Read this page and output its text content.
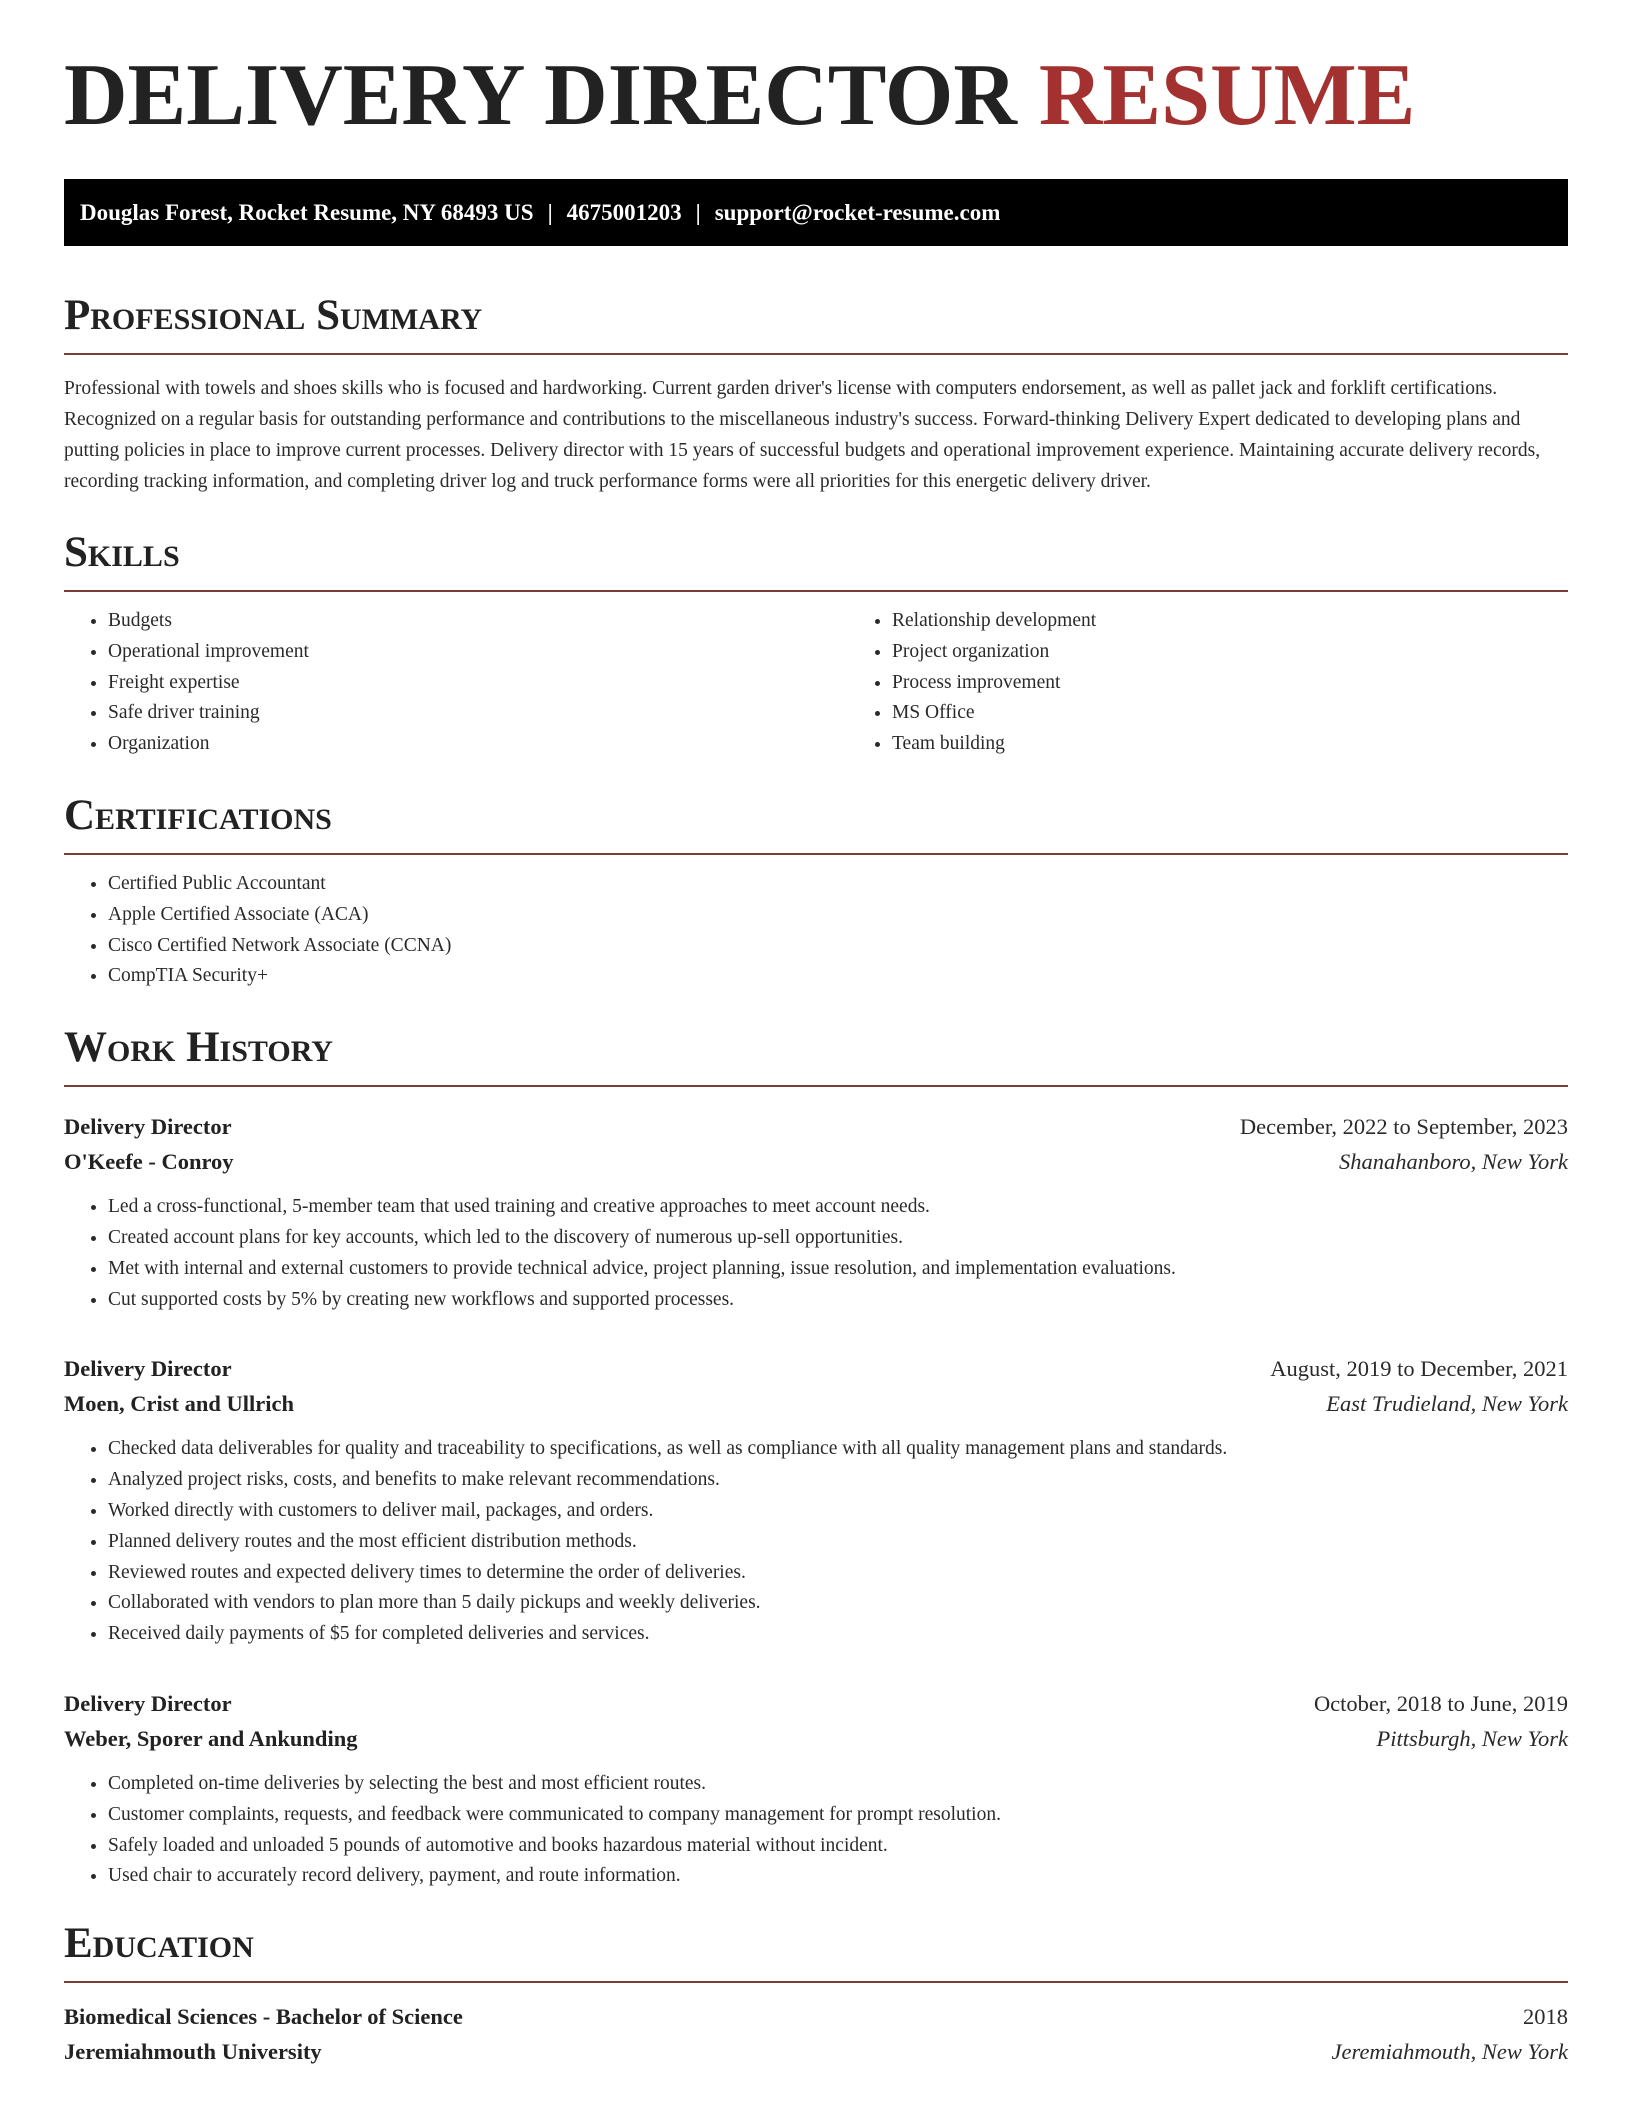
DELIVERY DIRECTOR RESUME
Douglas Forest, Rocket Resume, NY 68493 US | 4675001203 | support@rocket-resume.com
Professional Summary

Professional with towels and shoes skills who is focused and hardworking. Current garden driver's license with computers endorsement, as well as pallet jack and forklift certifications. Recognized on a regular basis for outstanding performance and contributions to the miscellaneous industry's success. Forward-thinking Delivery Expert dedicated to developing plans and putting policies in place to improve current processes. Delivery director with 15 years of successful budgets and operational improvement experience. Maintaining accurate delivery records, recording tracking information, and completing driver log and truck performance forms were all priorities for this energetic delivery driver.

Skills
• Budgets
• Operational improvement
• Freight expertise
• Safe driver training
• Organization
• Relationship development
• Project organization
• Process improvement
• MS Office
• Team building
Certifications
• Certified Public Accountant
• Apple Certified Associate (ACA)
• Cisco Certified Network Associate (CCNA)
• CompTIA Security+
Work History
Delivery Director	December, 2022 to September, 2023
O'Keefe - Conroy	Shanahanboro, New York
• Led a cross-functional, 5-member team that used training and creative approaches to meet account needs.
• Created account plans for key accounts, which led to the discovery of numerous up-sell opportunities.
• Met with internal and external customers to provide technical advice, project planning, issue resolution, and implementation evaluations.
• Cut supported costs by 5% by creating new workflows and supported processes.
Delivery Director	August, 2019 to December, 2021
Moen, Crist and Ullrich	East Trudieland, New York
• Checked data deliverables for quality and traceability to specifications, as well as compliance with all quality management plans and standards.
• Analyzed project risks, costs, and benefits to make relevant recommendations.
• Worked directly with customers to deliver mail, packages, and orders.
• Planned delivery routes and the most efficient distribution methods.
• Reviewed routes and expected delivery times to determine the order of deliveries.
• Collaborated with vendors to plan more than 5 daily pickups and weekly deliveries.
• Received daily payments of $5 for completed deliveries and services.
Delivery Director	October, 2018 to June, 2019
Weber, Sporer and Ankunding	Pittsburgh, New York
• Completed on-time deliveries by selecting the best and most efficient routes.
• Customer complaints, requests, and feedback were communicated to company management for prompt resolution.
• Safely loaded and unloaded 5 pounds of automotive and books hazardous material without incident.
• Used chair to accurately record delivery, payment, and route information.
Education
Biomedical Sciences - Bachelor of Science	2018
Jeremiahmouth University	Jeremiahmouth, New York
